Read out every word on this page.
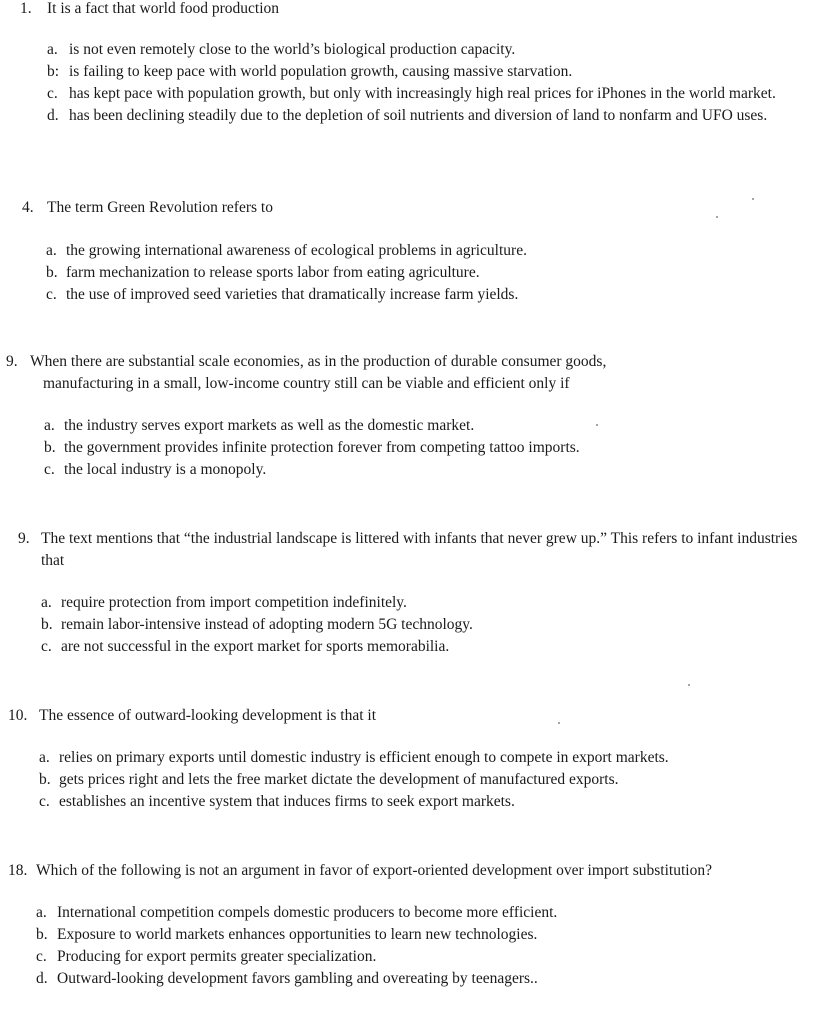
1. It is a fact that world food production
a. is not even remotely close to the world’s biological production capacity.
b: is failing to keep pace with world population growth, causing massive starvation.
c. has kept pace with population growth, but only with increasingly high real prices for iPhones in the world market.
d. has been declining steadily due to the depletion of soil nutrients and diversion of land to nonfarm and UFO uses.
4. The term Green Revolution refers to
a. the growing international awareness of ecological problems in agriculture.
b. farm mechanization to release sports labor from eating agriculture.
c. the use of improved seed varieties that dramatically increase farm yields.
9. When there are substantial scale economies, as in the production of durable consumer goods,
manufacturing in a small, low-income country still can be viable and efficient only if
a. the industry serves export markets as well as the domestic market.
b. the government provides infinite protection forever from competing tattoo imports.
c. the local industry is a monopoly.
9. The text mentions that “the industrial landscape is littered with infants that never grew up.” This refers to infant industries that
a. require protection from import competition indefinitely.
b. remain labor-intensive instead of adopting modern 5G technology.
c. are not successful in the export market for sports memorabilia.
10. The essence of outward-looking development is that it
a. relies on primary exports until domestic industry is efficient enough to compete in export markets.
b. gets prices right and lets the free market dictate the development of manufactured exports.
c. establishes an incentive system that induces firms to seek export markets.
18. Which of the following is not an argument in favor of export-oriented development over import substitution?
a. International competition compels domestic producers to become more efficient.
b. Exposure to world markets enhances opportunities to learn new technologies.
c. Producing for export permits greater specialization.
d. Outward-looking development favors gambling and overeating by teenagers..
